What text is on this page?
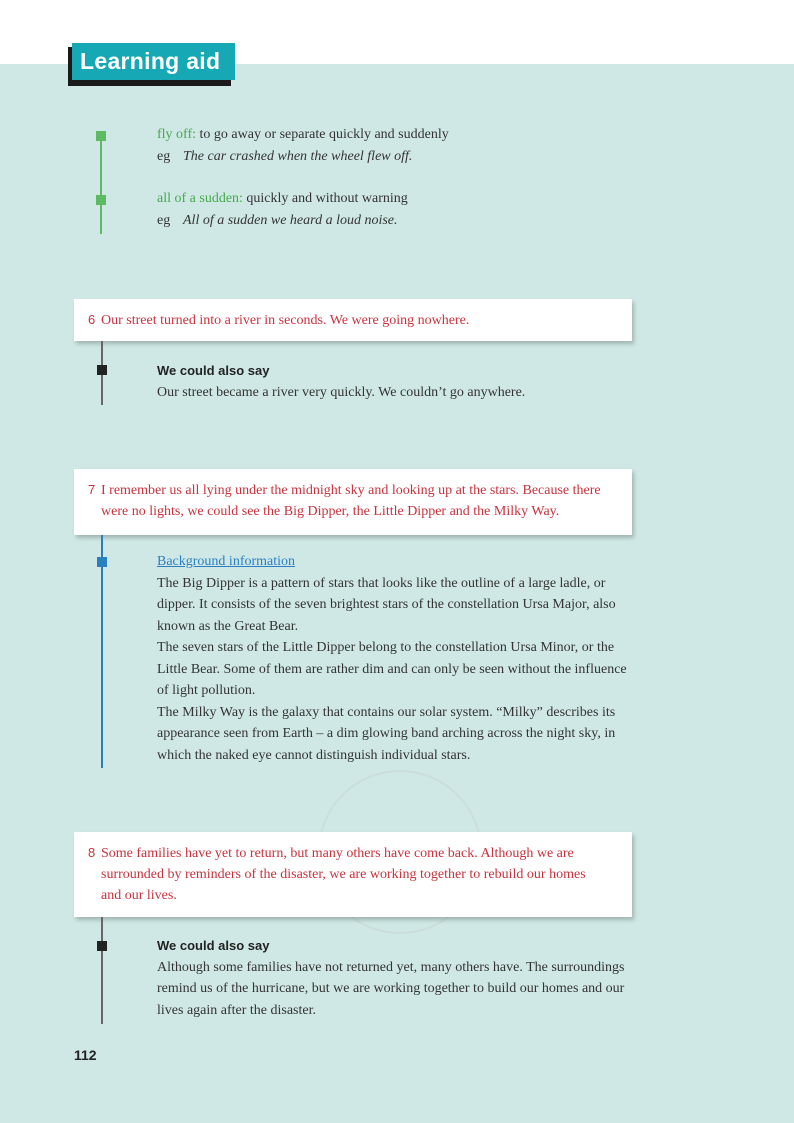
Learning aid
fly off: to go away or separate quickly and suddenly
eg The car crashed when the wheel flew off.
all of a sudden: quickly and without warning
eg All of a sudden we heard a loud noise.
6 Our street turned into a river in seconds. We were going nowhere.
We could also say
Our street became a river very quickly. We couldn’t go anywhere.
7 I remember us all lying under the midnight sky and looking up at the stars. Because there were no lights, we could see the Big Dipper, the Little Dipper and the Milky Way.
Background information
The Big Dipper is a pattern of stars that looks like the outline of a large ladle, or dipper. It consists of the seven brightest stars of the constellation Ursa Major, also known as the Great Bear.
The seven stars of the Little Dipper belong to the constellation Ursa Minor, or the Little Bear. Some of them are rather dim and can only be seen without the influence of light pollution.
The Milky Way is the galaxy that contains our solar system. “Milky” describes its appearance seen from Earth – a dim glowing band arching across the night sky, in which the naked eye cannot distinguish individual stars.
8 Some families have yet to return, but many others have come back. Although we are surrounded by reminders of the disaster, we are working together to rebuild our homes and our lives.
We could also say
Although some families have not returned yet, many others have. The surroundings remind us of the hurricane, but we are working together to build our homes and our lives again after the disaster.
112
